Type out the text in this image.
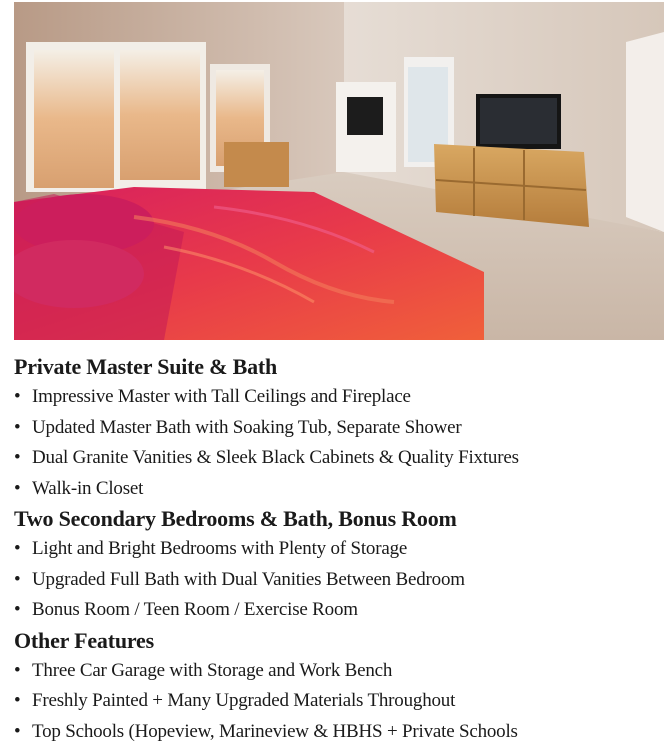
Private Master Suite & Bath
• Impressive Master with Tall Ceilings and Fireplace
• Updated Master Bath with Soaking Tub, Separate Shower
• Dual Granite Vanities & Sleek Black Cabinets & Quality Fixtures
• Walk-in Closet
Two Secondary Bedrooms & Bath, Bonus Room
• Light and Bright Bedrooms with Plenty of Storage
• Upgraded Full Bath with Dual Vanities Between Bedroom
• Bonus Room / Teen Room / Exercise Room
Other Features
• Three Car Garage with Storage and Work Bench
• Freshly Painted + Many Upgraded Materials Throughout
• Top Schools (Hopeview, Marineview & HBHS + Private Schools
